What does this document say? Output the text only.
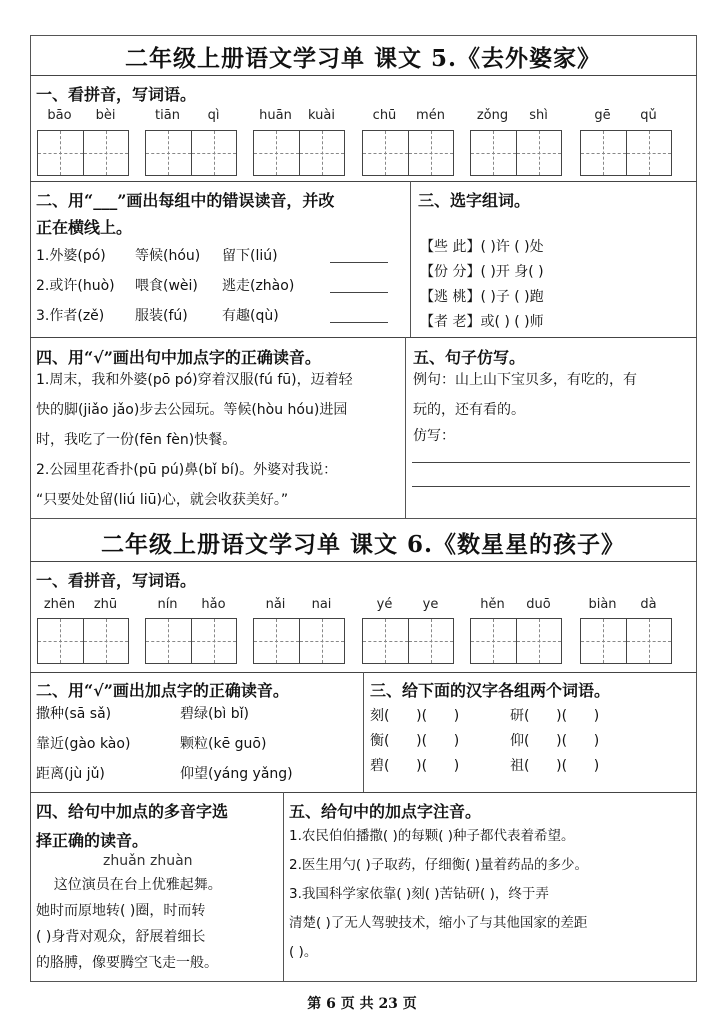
二年级上册语文学习单 课文 5.《去外婆家》
一、看拼音，写词语。
bāo	bèi	tiān	qì	huān	kuài	chū	mén	zǒng	shì	gē	qǔ
二、用“___”画出每组中的错误读音，并改
正在横线上。
1.外婆(pó) 等候(hóu) 留下(liú)
2.或许(huò) 喂食(wèi) 逃走(zhào)
3.作者(zě) 服装(fú) 有趣(qù)
三、选字组词。
【些 此】( )许 ( )处
【份 分】( )开 身( )
【逃 桃】( )子 ( )跑
【者 老】或( ) ( )师
四、用“√”画出句中加点字的正确读音。
1.周末，我和外婆(pō pó)穿着汉服(fú fū)，迈着轻
快的脚(jiǎo jǎo)步去公园玩。等候(hòu hóu)进园
时，我吃了一份(fēn fèn)快餐。
2.公园里花香扑(pū pú)鼻(bǐ bí)。外婆对我说：
“只要处处留(liú liū)心，就会收获美好。”
五、句子仿写。
例句：山上山下宝贝多，有吃的，有
玩的，还有看的。
仿写：
二年级上册语文学习单 课文 6.《数星星的孩子》
一、看拼音，写词语。
zhēn	zhū	nín	hǎo	nǎi	nai	yé	ye	hěn	duō	biàn	dà
二、用“√”画出加点字的正确读音。
撒种(sā sǎ)	碧绿(bì bǐ)
靠近(gào kào)	颗粒(kē guō)
距离(jù jǔ)	仰望(yáng yǎng)
三、给下面的汉字各组两个词语。
刻(      )(      )	研(      )(      )
衡(      )(      )	仰(      )(      )
碧(      )(      )	祖(      )(      )
四、给句中加点的多音字选
择正确的读音。
zhuǎn zhuàn
这位演员在台上优雅起舞。
她时而原地转( )圈，时而转
( )身背对观众，舒展着细长
的胳膊，像要腾空飞走一般。
五、给句中的加点字注音。
1.农民伯伯播撒( )的每颗( )种子都代表着希望。
2.医生用勺( )子取药，仔细衡( )量着药品的多少。
3.我国科学家依靠( )刻( )苦钻研( )，终于弄
清楚( )了无人驾驶技术，缩小了与其他国家的差距
( )。
第 6 页 共 23 页
